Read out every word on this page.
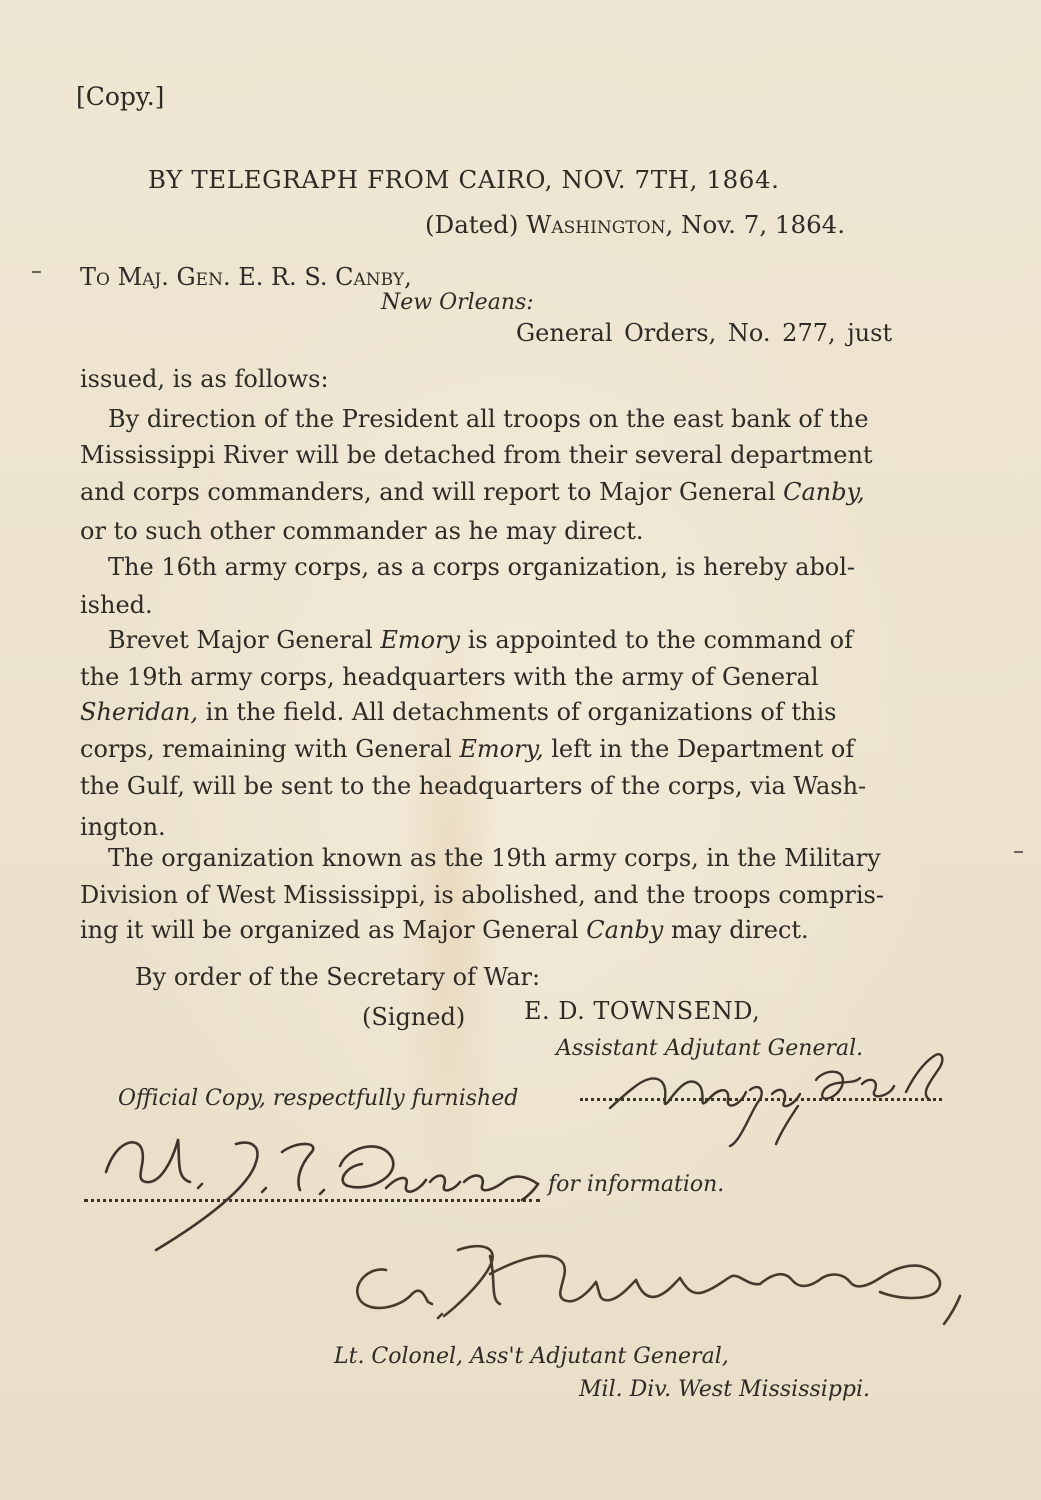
[Copy.]
BY TELEGRAPH FROM CAIRO, NOV. 7TH, 1864.
(Dated) Washington, Nov. 7, 1864.
To Maj. Gen. E. R. S. Canby,
New Orleans:
General Orders, No. 277, just
issued, is as follows:
By direction of the President all troops on the east bank of the
Mississippi River will be detached from their several department
and corps commanders, and will report to Major General Canby,
or to such other commander as he may direct.
The 16th army corps, as a corps organization, is hereby abol-
ished.
Brevet Major General Emory is appointed to the command of
the 19th army corps, headquarters with the army of General
Sheridan, in the field. All detachments of organizations of this
corps, remaining with General Emory, left in the Department of
the Gulf, will be sent to the headquarters of the corps, via Wash-
ington.
The organization known as the 19th army corps, in the Military
Division of West Mississippi, is abolished, and the troops compris-
ing it will be organized as Major General Canby may direct.
By order of the Secretary of War:
(Signed) E. D. TOWNSEND,
Assistant Adjutant General.
Official Copy, respectfully furnished
for information.
Lt. Colonel, Ass't Adjutant General,
Mil. Div. West Mississippi.
